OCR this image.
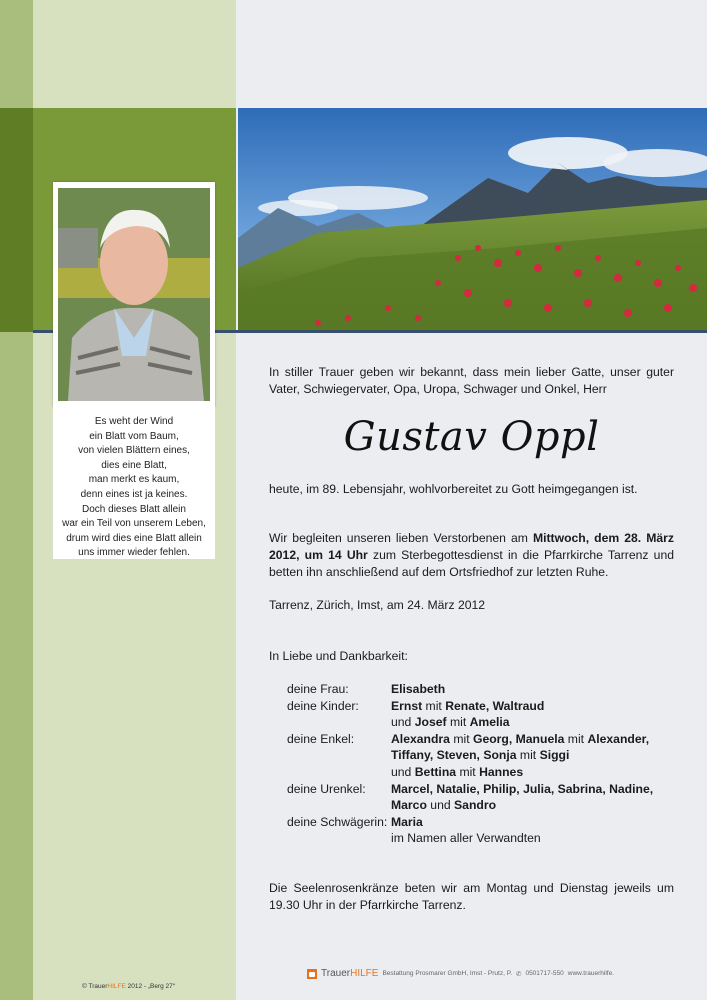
Es weht der Wind
ein Blatt vom Baum,
von vielen Blättern eines,
dies eine Blatt,
man merkt es kaum,
denn eines ist ja keines.
Doch dieses Blatt allein
war ein Teil von unserem Leben,
drum wird dies eine Blatt allein
uns immer wieder fehlen.

In stiller Trauer geben wir bekannt, dass mein lieber Gatte, unser guter Vater, Schwiegervater, Opa, Uropa, Schwager und Onkel, Herr
Gustav Oppl
heute, im 89. Lebensjahr, wohlvorbereitet zu Gott heimgegangen ist.
Wir begleiten unseren lieben Verstorbenen am Mittwoch, dem 28. März 2012, um 14 Uhr zum Sterbegottesdienst in die Pfarrkirche Tarrenz und betten ihn anschließend auf dem Ortsfriedhof zur letzten Ruhe.
Tarrenz, Zürich, Imst, am 24. März 2012
In Liebe und Dankbarkeit:
deine Frau:	Elisabeth
deine Kinder:	Ernst mit Renate, Waltraud
und Josef mit Amelia
deine Enkel:	Alexandra mit Georg, Manuela mit Alexander,
Tiffany, Steven, Sonja mit Siggi
und Bettina mit Hannes
deine Urenkel:	Marcel, Natalie, Philip, Julia, Sabrina, Nadine,
Marco und Sandro
deine Schwägerin: Maria
im Namen aller Verwandten
Die Seelenrosenkränze beten wir am Montag und Dienstag jeweils um 19.30 Uhr in der Pfarrkirche Tarrenz.
© TrauerHILFE 2012 - „Berg 27“
TrauerHILFE Bestattung Prosmarer GmbH, Imst - Prutz, P. ✆ 0501717-550 www.trauerhilfe.
